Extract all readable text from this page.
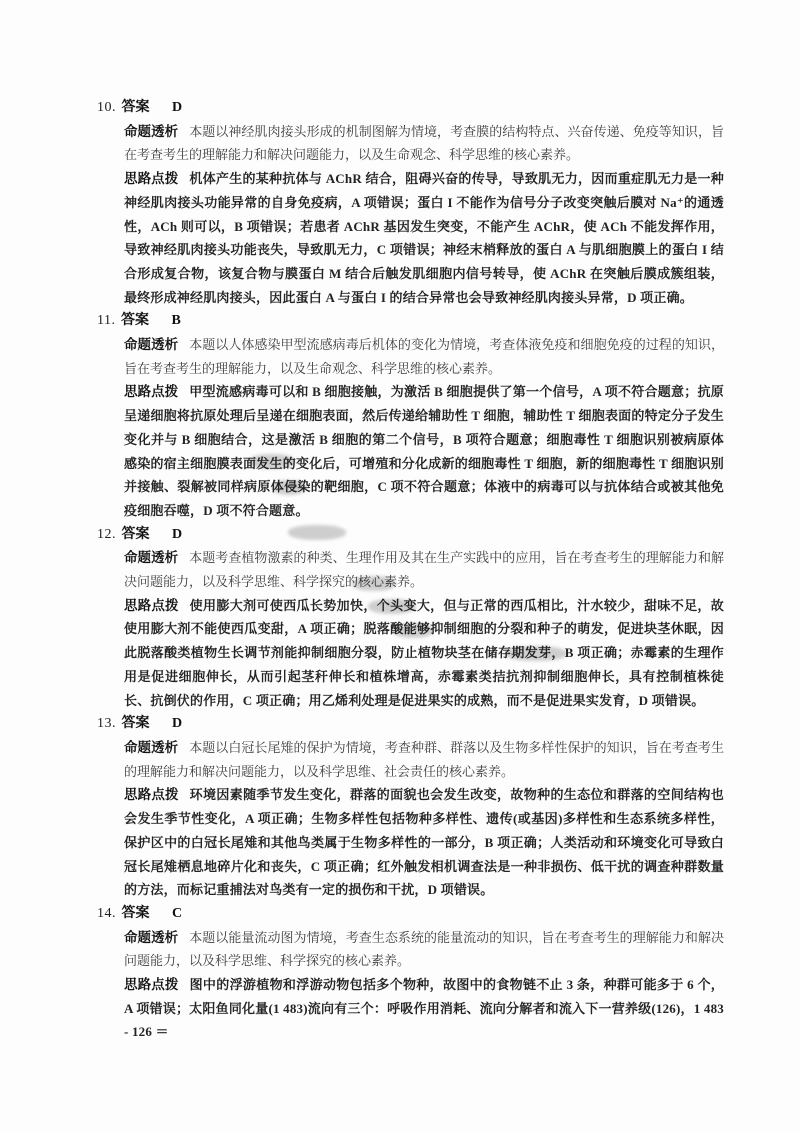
10. 答案 D

命题透析 本题以神经肌肉接头形成的机制图解为情境，考查膜的结构特点、兴奋传递、免疫等知识，旨在考查考生的理解能力和解决问题能力，以及生命观念、科学思维的核心素养。

思路点拨 机体产生的某种抗体与 AChR 结合，阻碍兴奋的传导，导致肌无力，因而重症肌无力是一种神经肌肉接头功能异常的自身免疫病，A 项错误；蛋白 I 不能作为信号分子改变突触后膜对 Na⁺的通透性，ACh 则可以，B 项错误；若患者 AChR 基因发生突变，不能产生 AChR，使 ACh 不能发挥作用，导致神经肌肉接头功能丧失，导致肌无力，C 项错误；神经末梢释放的蛋白 A 与肌细胞膜上的蛋白 I 结合形成复合物，该复合物与膜蛋白 M 结合后触发肌细胞内信号转导，使 AChR 在突触后膜成簇组装，最终形成神经肌肉接头，因此蛋白 A 与蛋白 I 的结合异常也会导致神经肌肉接头异常，D 项正确。

11. 答案 B

命题透析 本题以人体感染甲型流感病毒后机体的变化为情境，考查体液免疫和细胞免疫的过程的知识，旨在考查考生的理解能力，以及生命观念、科学思维的核心素养。

思路点拨 甲型流感病毒可以和 B 细胞接触，为激活 B 细胞提供了第一个信号，A 项不符合题意；抗原呈递细胞将抗原处理后呈递在细胞表面，然后传递给辅助性 T 细胞，辅助性 T 细胞表面的特定分子发生变化并与 B 细胞结合，这是激活 B 细胞的第二个信号，B 项符合题意；细胞毒性 T 细胞识别被病原体感染的宿主细胞膜表面发生的变化后，可增殖和分化成新的细胞毒性 T 细胞，新的细胞毒性 T 细胞识别并接触、裂解被同样病原体侵染的靶细胞，C 项不符合题意；体液中的病毒可以与抗体结合或被其他免疫细胞吞噬，D 项不符合题意。

12. 答案 D

命题透析 本题考查植物激素的种类、生理作用及其在生产实践中的应用，旨在考查考生的理解能力和解决问题能力，以及科学思维、科学探究的核心素养。

思路点拨 使用膨大剂可使西瓜长势加快，个头变大，但与正常的西瓜相比，汁水较少，甜味不足，故使用膨大剂不能使西瓜变甜，A 项正确；脱落酸能够抑制细胞的分裂和种子的萌发，促进块茎休眠，因此脱落酸类植物生长调节剂能抑制细胞分裂，防止植物块茎在储存期发芽，B 项正确；赤霉素的生理作用是促进细胞伸长，从而引起茎秆伸长和植株增高，赤霉素类拮抗剂抑制细胞伸长，具有控制植株徒长、抗倒伏的作用，C 项正确；用乙烯利处理是促进果实的成熟，而不是促进果实发育，D 项错误。

13. 答案 D

命题透析 本题以白冠长尾雉的保护为情境，考查种群、群落以及生物多样性保护的知识，旨在考查考生的理解能力和解决问题能力，以及科学思维、社会责任的核心素养。

思路点拨 环境因素随季节发生变化，群落的面貌也会发生改变，故物种的生态位和群落的空间结构也会发生季节性变化，A 项正确；生物多样性包括物种多样性、遗传(或基因)多样性和生态系统多样性，保护区中的白冠长尾雉和其他鸟类属于生物多样性的一部分，B 项正确；人类活动和环境变化可导致白冠长尾雉栖息地碎片化和丧失，C 项正确；红外触发相机调查法是一种非损伤、低干扰的调查种群数量的方法，而标记重捕法对鸟类有一定的损伤和干扰，D 项错误。

14. 答案 C

命题透析 本题以能量流动图为情境，考查生态系统的能量流动的知识，旨在考查考生的理解能力和解决问题能力，以及科学思维、科学探究的核心素养。

思路点拨 图中的浮游植物和浮游动物包括多个物种，故图中的食物链不止 3 条，种群可能多于 6 个，A 项错误；太阳鱼同化量(1 483)流向有三个：呼吸作用消耗、流向分解者和流入下一营养级(126)，1 483 - 126 ＝
